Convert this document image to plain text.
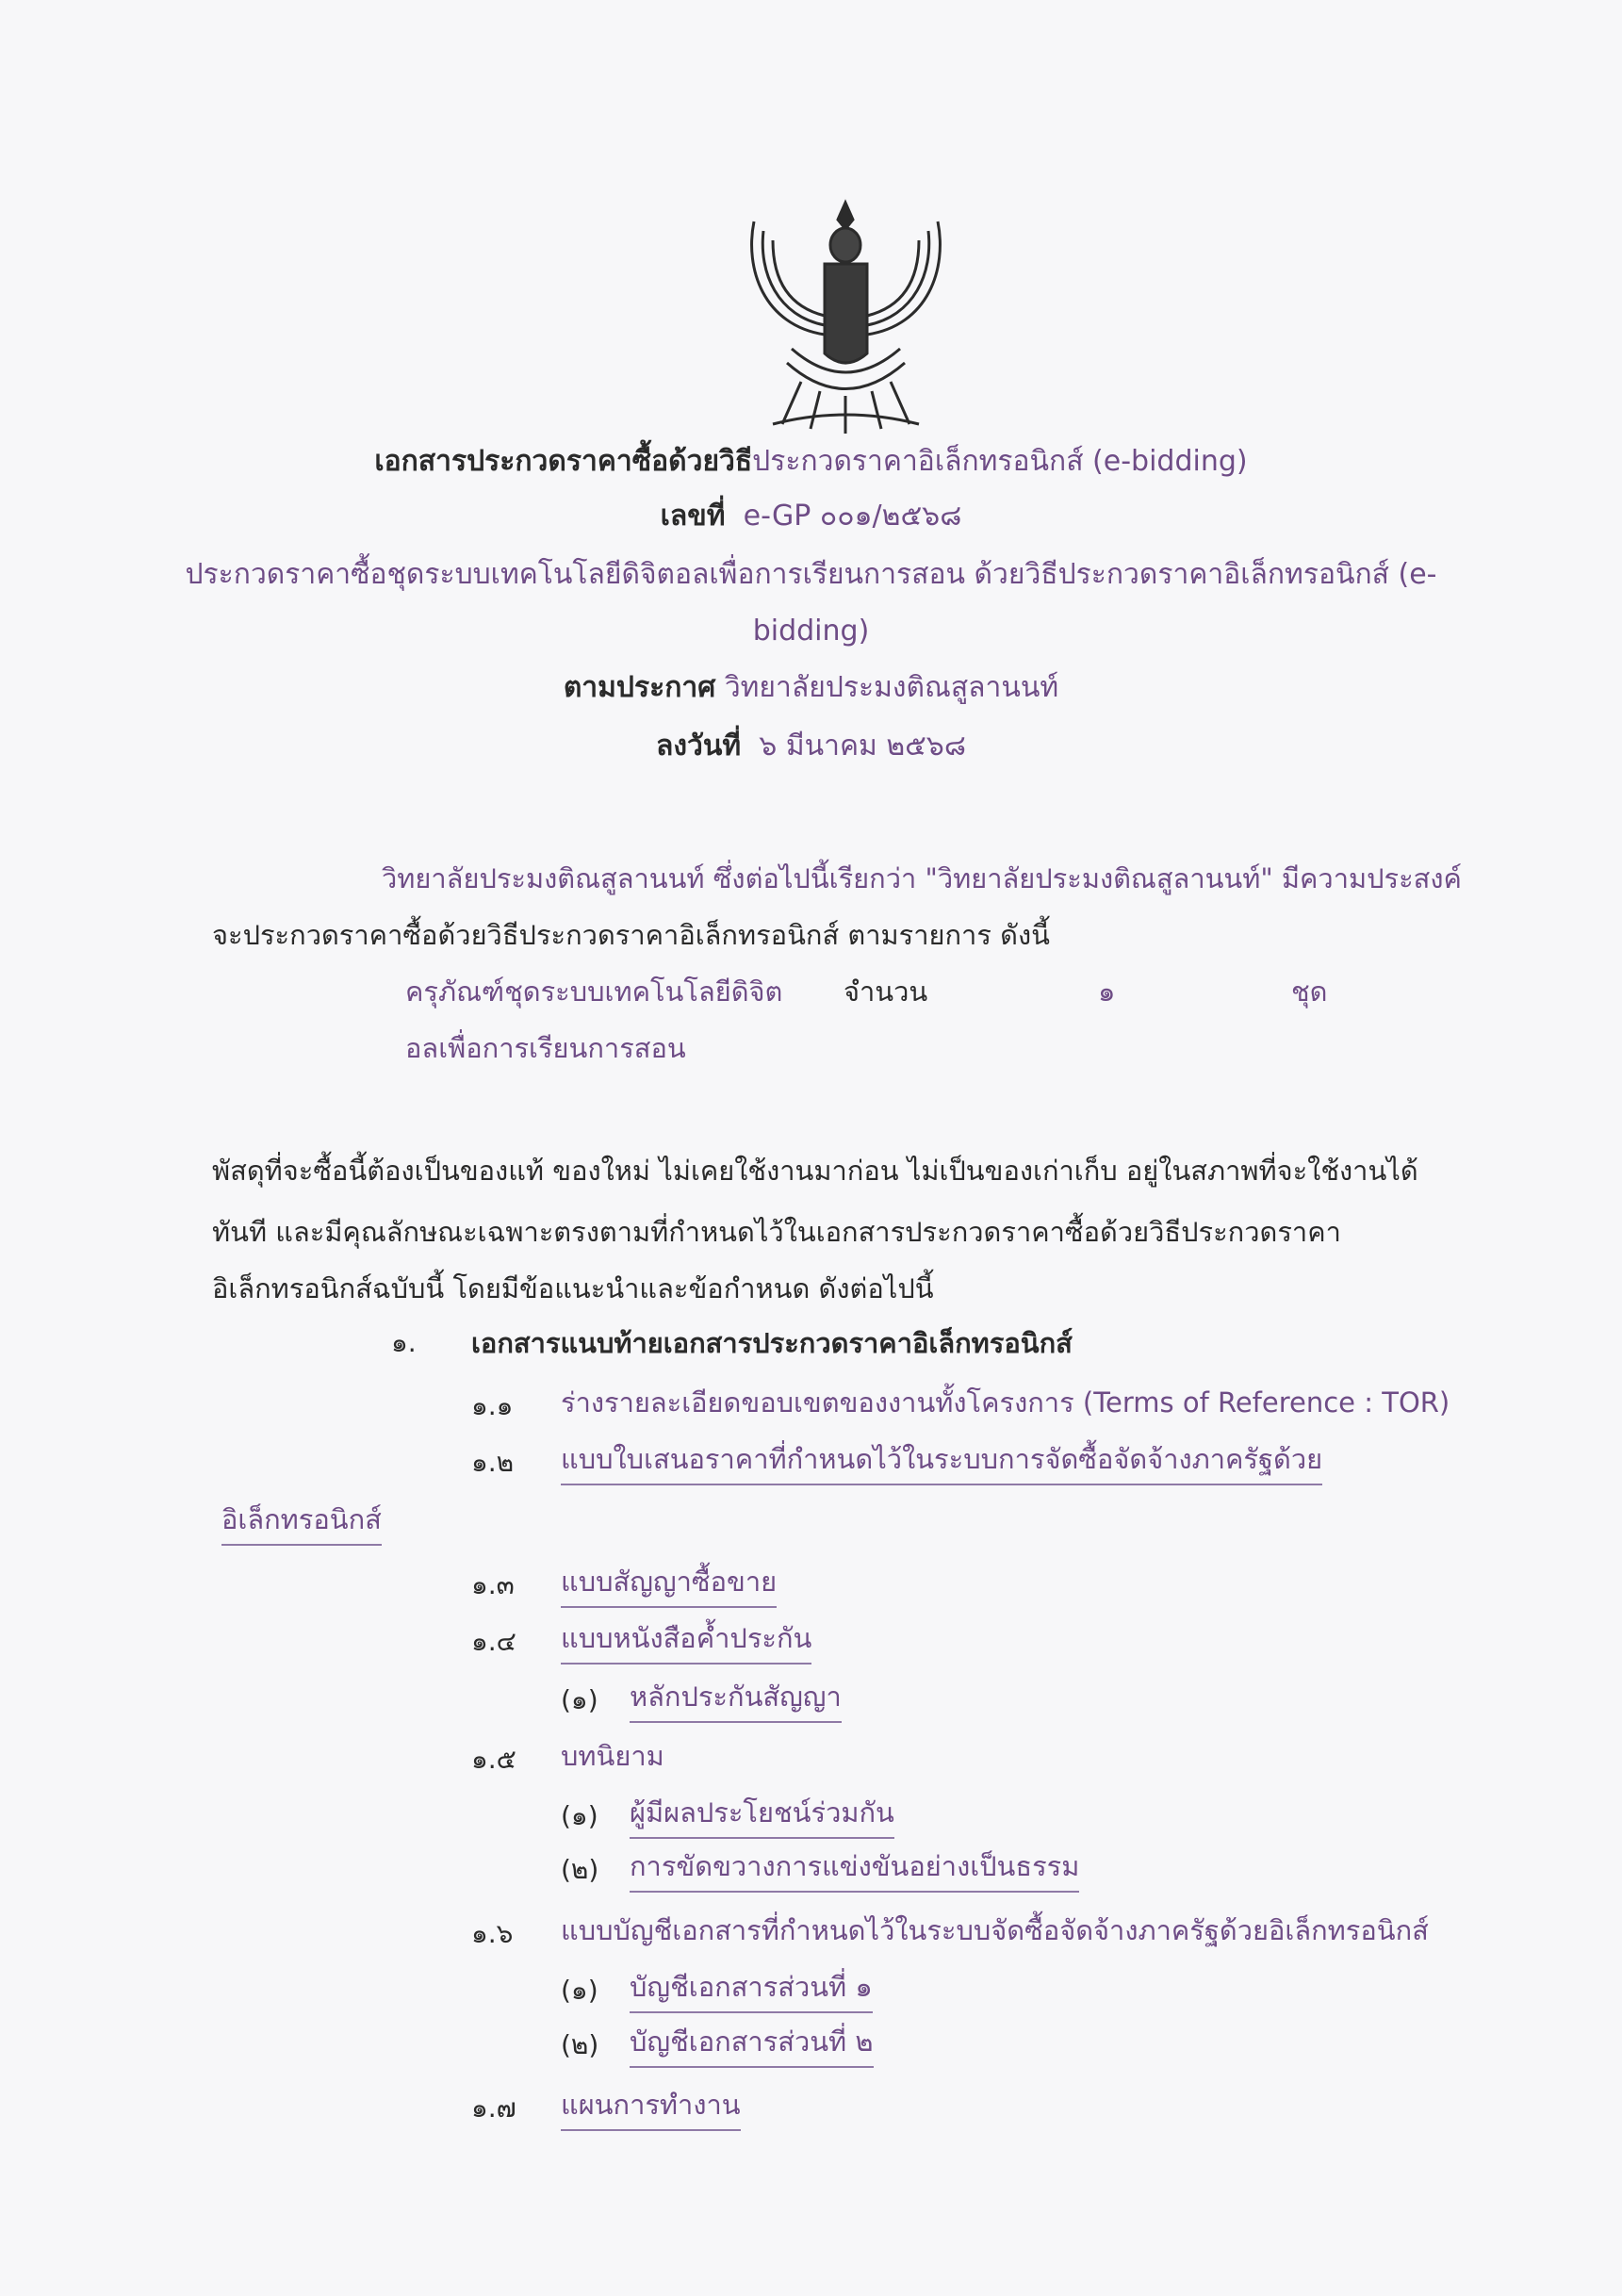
เอกสารประกวดราคาซื้อด้วยวิธีประกวดราคาอิเล็กทรอนิกส์ (e-bidding)
เลขที่ e-GP ๐๐๑/๒๕๖๘
ประกวดราคาซื้อชุดระบบเทคโนโลยีดิจิตอลเพื่อการเรียนการสอน ด้วยวิธีประกวดราคาอิเล็กทรอนิกส์ (e-
bidding)
ตามประกาศ วิทยาลัยประมงติณสูลานนท์
ลงวันที่ ๖ มีนาคม ๒๕๖๘
วิทยาลัยประมงติณสูลานนท์ ซึ่งต่อไปนี้เรียกว่า "วิทยาลัยประมงติณสูลานนท์" มีความประสงค์
จะประกวดราคาซื้อด้วยวิธีประกวดราคาอิเล็กทรอนิกส์ ตามรายการ ดังนี้
ครุภัณฑ์ชุดระบบเทคโนโลยีดิจิต
อลเพื่อการเรียนการสอน
จำนวน	๑	ชุด
พัสดุที่จะซื้อนี้ต้องเป็นของแท้ ของใหม่ ไม่เคยใช้งานมาก่อน ไม่เป็นของเก่าเก็บ อยู่ในสภาพที่จะใช้งานได้
ทันที และมีคุณลักษณะเฉพาะตรงตามที่กำหนดไว้ในเอกสารประกวดราคาซื้อด้วยวิธีประกวดราคา
อิเล็กทรอนิกส์ฉบับนี้ โดยมีข้อแนะนำและข้อกำหนด ดังต่อไปนี้
๑. เอกสารแนบท้ายเอกสารประกวดราคาอิเล็กทรอนิกส์
๑.๑ ร่างรายละเอียดขอบเขตของงานทั้งโครงการ (Terms of Reference : TOR)
๑.๒ แบบใบเสนอราคาที่กำหนดไว้ในระบบการจัดซื้อจัดจ้างภาครัฐด้วย
อิเล็กทรอนิกส์
๑.๓ แบบสัญญาซื้อขาย
๑.๔ แบบหนังสือค้ำประกัน
(๑) หลักประกันสัญญา
๑.๕ บทนิยาม
(๑) ผู้มีผลประโยชน์ร่วมกัน
(๒) การขัดขวางการแข่งขันอย่างเป็นธรรม
๑.๖ แบบบัญชีเอกสารที่กำหนดไว้ในระบบจัดซื้อจัดจ้างภาครัฐด้วยอิเล็กทรอนิกส์
(๑) บัญชีเอกสารส่วนที่ ๑
(๒) บัญชีเอกสารส่วนที่ ๒
๑.๗ แผนการทำงาน
